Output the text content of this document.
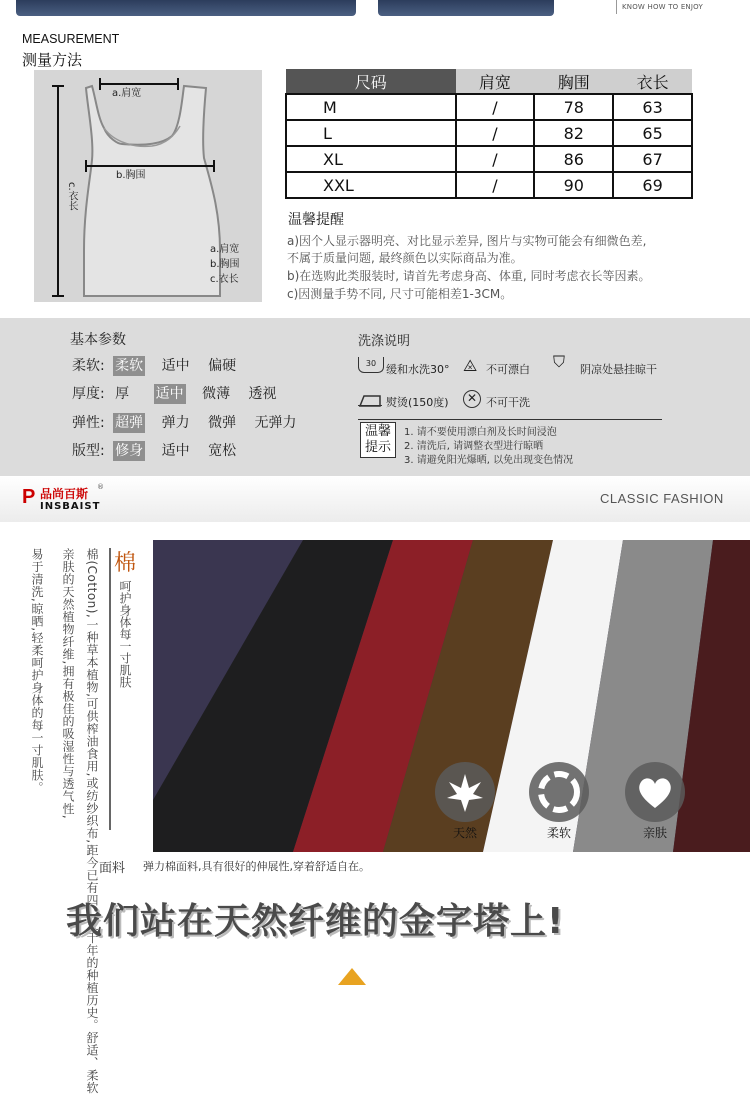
KNOW HOW TO ENJOY
MEASUREMENT
测量方法
a.肩宽
b.胸围
c.衣长
a.肩宽
b.胸围
c.衣长
尺码	肩宽	胸围	衣长
M	/	78	63
L	/	82	65
XL	/	86	67
XXL	/	90	69
温馨提醒
a)因个人显示器明亮、对比显示差异, 图片与实物可能会有细微色差,
不属于质量问题, 最终颜色以实际商品为准。
b)在选购此类服装时, 请首先考虑身高、体重, 同时考虑衣长等因素。
c)因测量手势不同, 尺寸可能相差1-3CM。
基本参数
柔软: 柔软 适中 偏硬
厚度: 厚 适中 微薄 透视
弹性: 超弹 弹力 微弹 无弹力
版型: 修身 适中 宽松
洗涤说明
30 缓和水洗30° ⨻ 不可漂白 ⛉ 阴凉处悬挂晾干
熨烫(150度)	✕ 不可干洗
温馨提示
1. 请不要使用漂白剂及长时间浸泡
2. 清洗后, 请调整衣型进行晾晒
3. 请避免阳光爆晒, 以免出现变色情况
P 品尚百斯
INSBAIST
®
CLASSIC FASHION
易于清洗,晾晒,轻柔呵护身体的每一寸肌肤。 亲肤的天然植物纤维,拥有极佳的吸湿性与透气性, 棉(Cotton),一种草本植物,可供榨油食用,或纺纱织布,距今已有四、五千年的种植历史。舒适、柔软 棉
呵护身体每一寸肌肤
天然	柔软	亲肤
面料 弹力棉面料,具有很好的伸展性,穿着舒适自在。
我们站在天然纤维的金字塔上!
